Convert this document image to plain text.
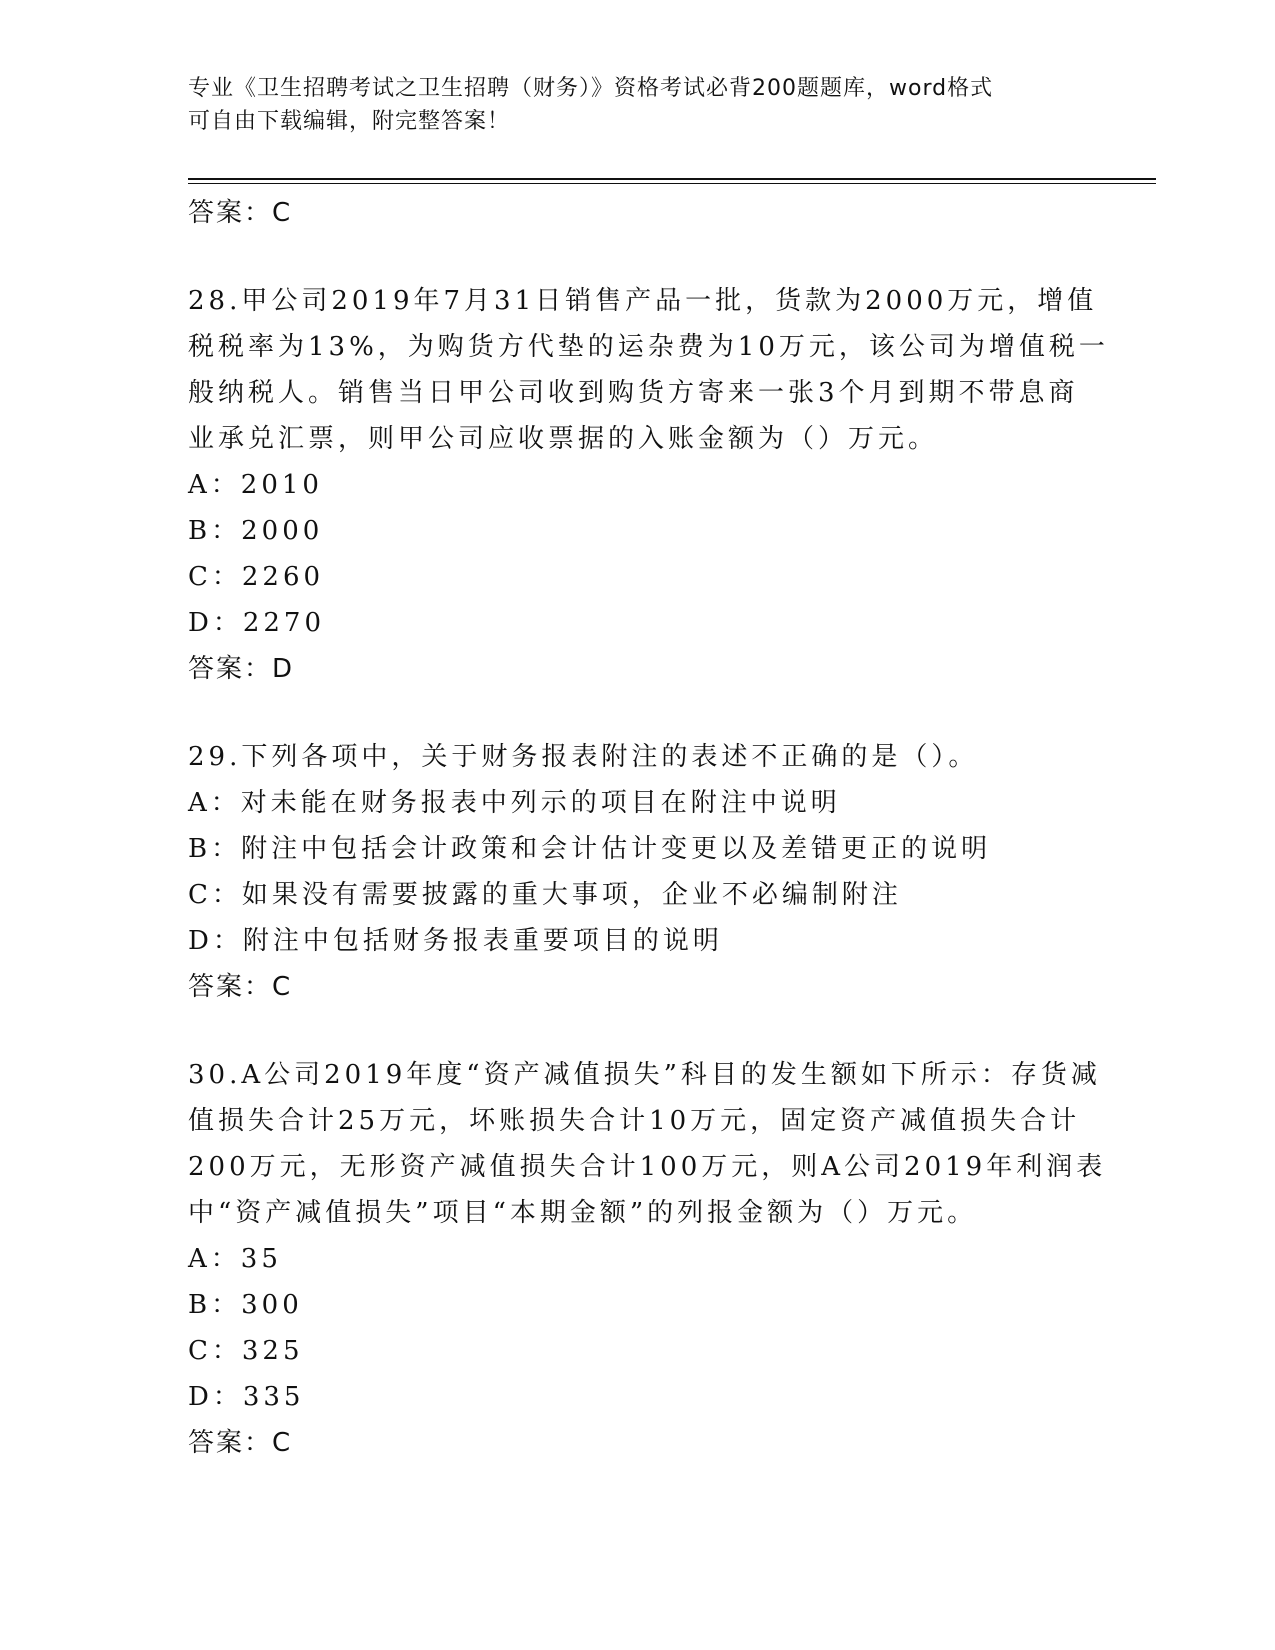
专业《卫生招聘考试之卫生招聘（财务）》资格考试必背200题题库，word格式
可自由下载编辑，附完整答案！
答案：C
28.甲公司2019年7月31日销售产品一批，货款为2000万元，增值
税税率为13%，为购货方代垫的运杂费为10万元，该公司为增值税一
般纳税人。销售当日甲公司收到购货方寄来一张3个月到期不带息商
业承兑汇票，则甲公司应收票据的入账金额为（）万元。
A：2010
B：2000
C：2260
D：2270
答案：D
29.下列各项中，关于财务报表附注的表述不正确的是（）。
A：对未能在财务报表中列示的项目在附注中说明
B：附注中包括会计政策和会计估计变更以及差错更正的说明
C：如果没有需要披露的重大事项，企业不必编制附注
D：附注中包括财务报表重要项目的说明
答案：C
30.A公司2019年度“资产减值损失”科目的发生额如下所示：存货减
值损失合计25万元，坏账损失合计10万元，固定资产减值损失合计
200万元，无形资产减值损失合计100万元，则A公司2019年利润表
中“资产减值损失”项目“本期金额”的列报金额为（）万元。
A：35
B：300
C：325
D：335
答案：C
